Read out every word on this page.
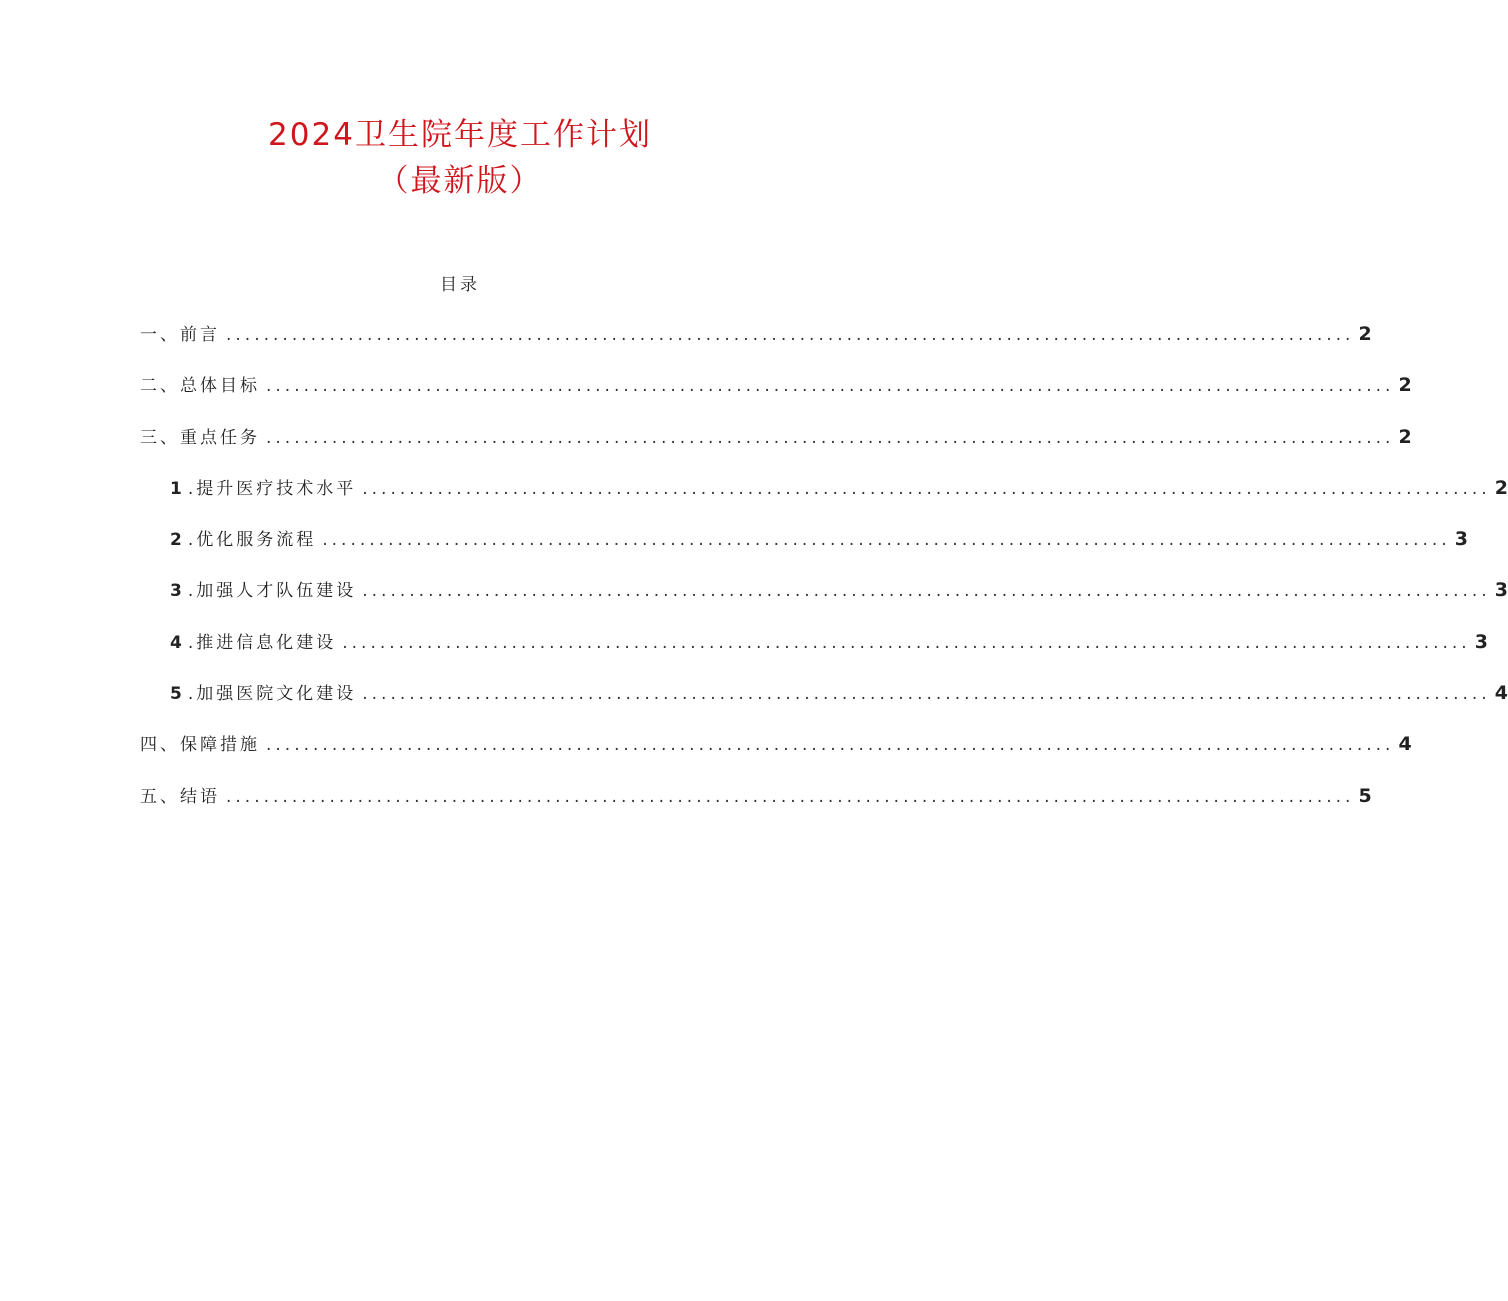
2024卫生院年度工作计划
（最新版）
目录
一、前言 ........................................................................................................................ 2
二、总体目标 ........................................................................................................................ 2
三、重点任务 ........................................................................................................................ 2
1 .提升医疗技术水平 ........................................................................................................................ 2
2 .优化服务流程 ........................................................................................................................ 3
3 .加强人才队伍建设 ........................................................................................................................ 3
4 .推进信息化建设 ........................................................................................................................ 3
5 .加强医院文化建设 ........................................................................................................................ 4
四、保障措施 ........................................................................................................................ 4
五、结语 ........................................................................................................................ 5
